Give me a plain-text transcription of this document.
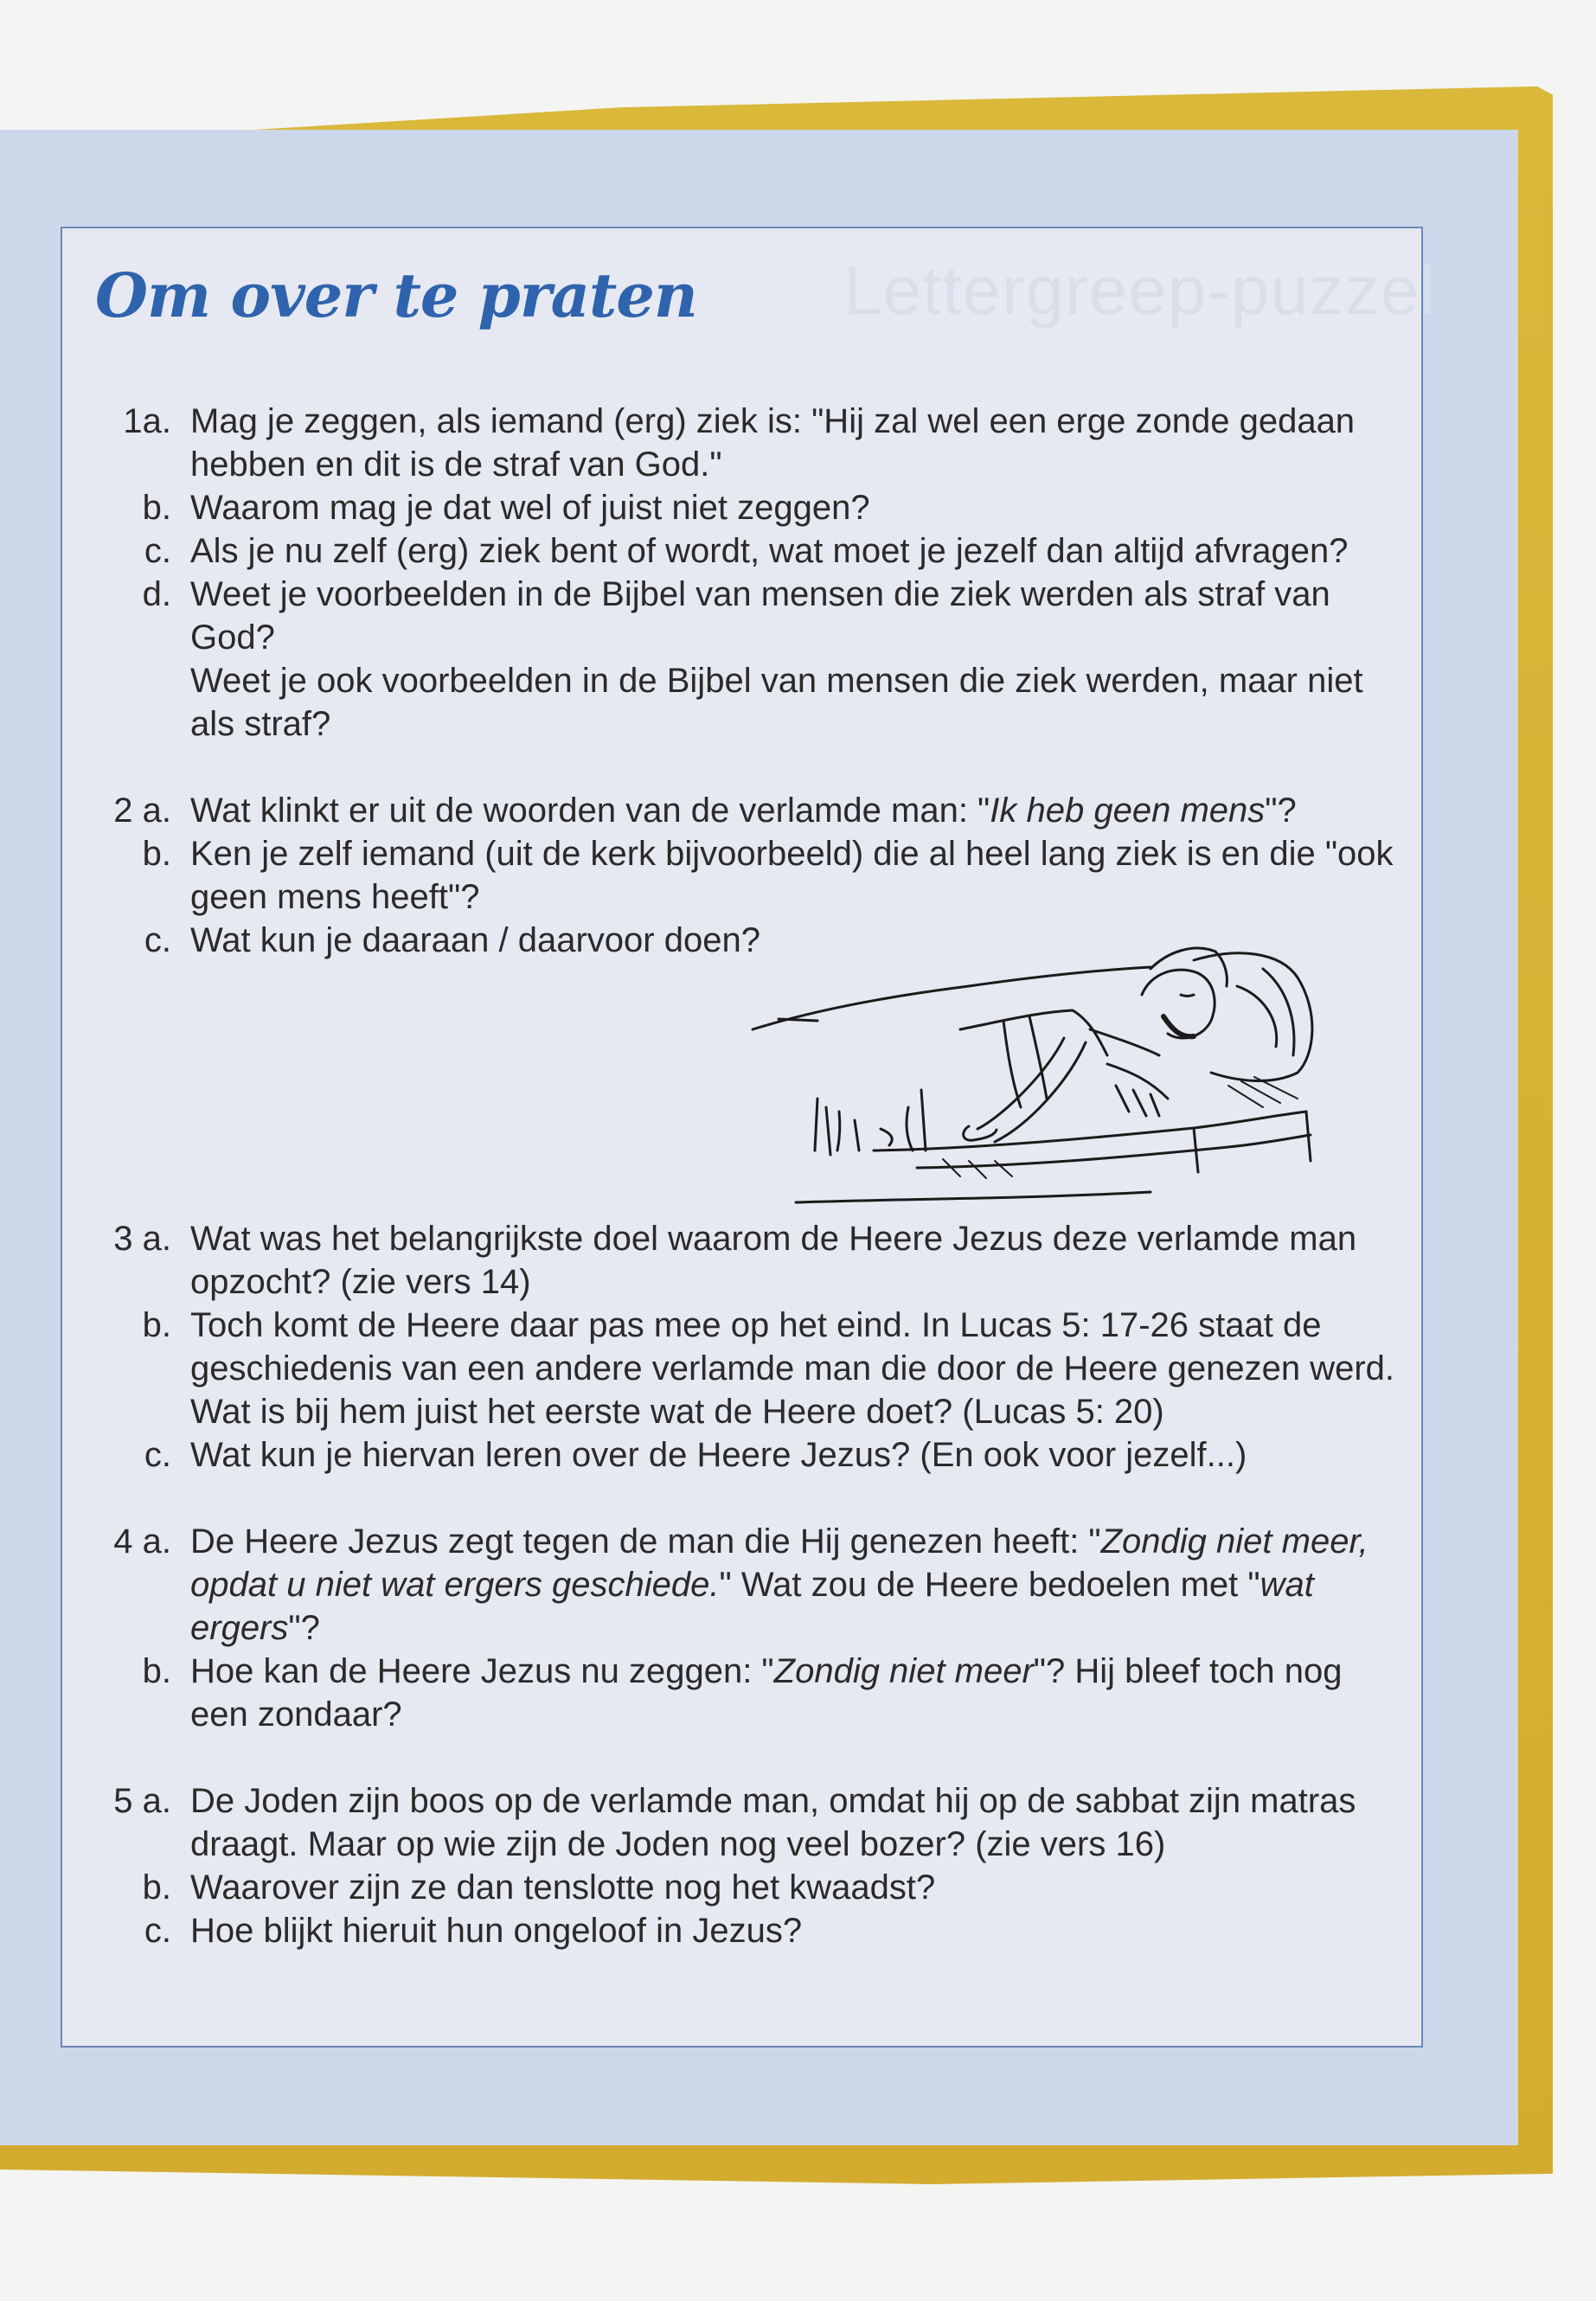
Lettergreep-puzzel
Om over te praten
1a. Mag je zeggen, als iemand (erg) ziek is: "Hij zal wel een erge zonde gedaan hebben en dit is de straf van God."
b. Waarom mag je dat wel of juist niet zeggen?
c. Als je nu zelf (erg) ziek bent of wordt, wat moet je jezelf dan altijd afvragen?
d. Weet je voorbeelden in de Bijbel van mensen die ziek werden als straf van God?
Weet je ook voorbeelden in de Bijbel van mensen die ziek werden, maar niet als straf?
2 a. Wat klinkt er uit de woorden van de verlamde man: "Ik heb geen mens"?
b. Ken je zelf iemand (uit de kerk bijvoorbeeld) die al heel lang ziek is en die "ook geen mens heeft"?
c. Wat kun je daaraan / daarvoor doen?
3 a. Wat was het belangrijkste doel waarom de Heere Jezus deze verlamde man opzocht? (zie vers 14)
b. Toch komt de Heere daar pas mee op het eind. In Lucas 5: 17-26 staat de geschiedenis van een andere verlamde man die door de Heere genezen werd. Wat is bij hem juist het eerste wat de Heere doet? (Lucas 5: 20)
c. Wat kun je hiervan leren over de Heere Jezus? (En ook voor jezelf...)
4 a. De Heere Jezus zegt tegen de man die Hij genezen heeft: "Zondig niet meer, opdat u niet wat ergers geschiede." Wat zou de Heere bedoelen met "wat ergers"?
b. Hoe kan de Heere Jezus nu zeggen: "Zondig niet meer"? Hij bleef toch nog een zondaar?
5 a. De Joden zijn boos op de verlamde man, omdat hij op de sabbat zijn matras draagt. Maar op wie zijn de Joden nog veel bozer? (zie vers 16)
b. Waarover zijn ze dan tenslotte nog het kwaadst?
c. Hoe blijkt hieruit hun ongeloof in Jezus?
